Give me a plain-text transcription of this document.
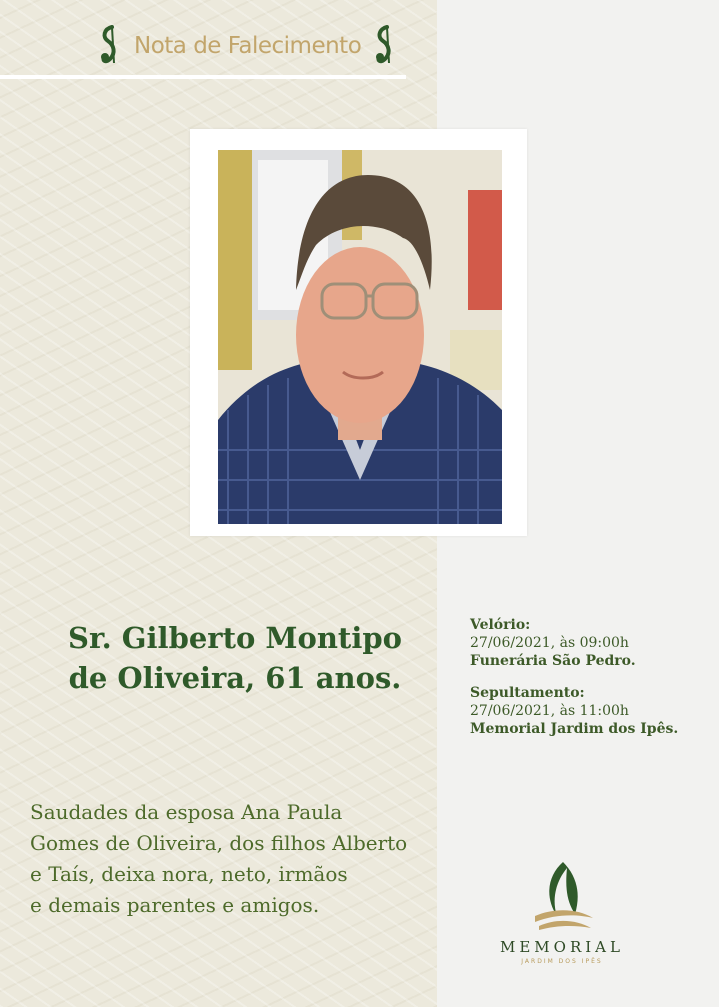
Nota de Falecimento

Sr. Gilberto Montipo
de Oliveira, 61 anos.

Saudades da esposa Ana Paula
Gomes de Oliveira, dos filhos Alberto
e Taís, deixa nora, neto, irmãos
e demais parentes e amigos.

Velório:
27/06/2021, às 09:00h
Funerária São Pedro.
Sepultamento:
27/06/2021, às 11:00h
Memorial Jardim dos Ipês.
MEMORIAL
JARDIM DOS IPÊS
